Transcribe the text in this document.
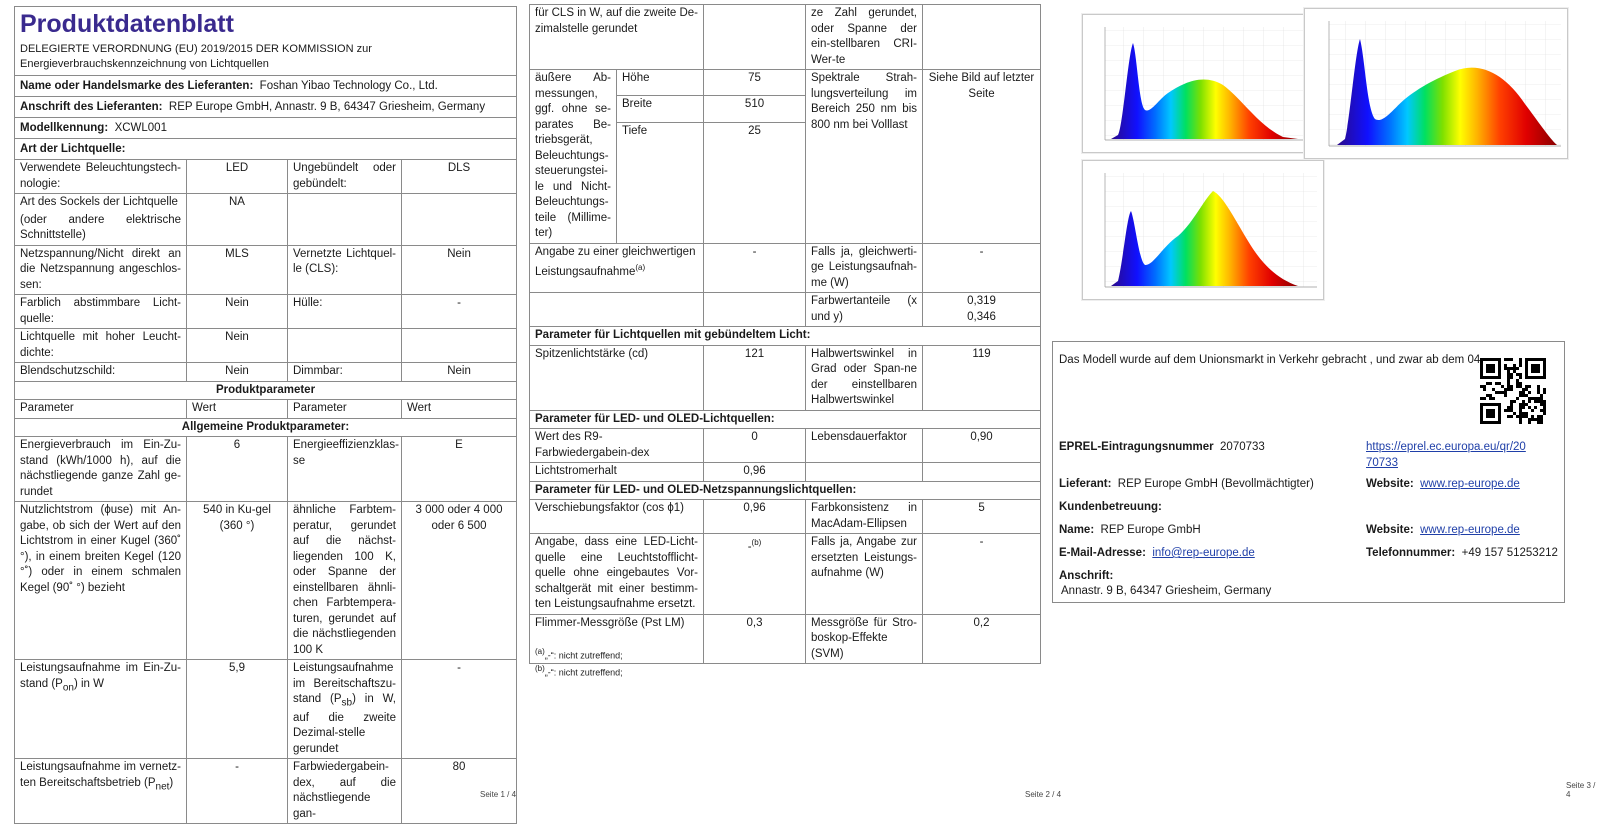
Produktdatenblatt
DELEGIERTE VERORDNUNG (EU) 2019/2015 DER KOMMISSION zur Energieverbrauchskennzeichnung von Lichtquellen			

Name oder Handelsmarke des Lieferanten: Foshan Yibao Technology Co., Ltd.			
Anschrift des Lieferanten: REP Europe GmbH, Annastr. 9 B, 64347 Griesheim, Germany			
Modellkennung: XCWL001			
Art der Lichtquelle:			
Verwendete Beleuchtungstech-nologie:	LED	Ungebündelt oder gebündelt:	DLS

Art des Sockels der Lichtquelle
(oder andere elektrische Schnittstelle)	NA		
Netzspannung/Nicht direkt an die Netzspannung angeschlos-sen:	MLS	Vernetzte Lichtquel-le (CLS):	Nein
Farblich abstimmbare Licht-quelle:	Nein	Hülle:	-
Lichtquelle mit hoher Leucht-dichte:	Nein		
Blendschutzschild:	Nein	Dimmbar:	Nein
Produktparameter			
Parameter	Wert	Parameter	Wert
Allgemeine Produktparameter:			
Energieverbrauch im Ein-Zu-stand (kWh/1000 h), auf die nächstliegende ganze Zahl ge-rundet	6	Energieeffizienzklas-se	E
Nutzlichtstrom (ϕuse) mit An-gabe, ob sich der Wert auf den Lichtstrom in einer Kugel (360˚ °), in einem breiten Kegel (120 °˚) oder in einem schmalen Kegel (90˚ °) bezieht	540 in Ku-gel (360 °)	ähnliche Farbtem-peratur, gerundet auf die nächst-liegenden 100 K, oder Spanne der einstellbaren ähnli-chen Farbtempera-turen, gerundet auf die nächstliegenden 100 K	3 000 oder 4 000 oder 6 500
Leistungsaufnahme im Ein-Zu-stand (Pon) in W	5,9	Leistungsaufnahme im Bereitschaftszu-stand (Psb) in W, auf die zweite Dezimal-stelle gerundet	-
Leistungsaufnahme im vernetz-ten Bereitschaftsbetrieb (Pnet)	-	Farbwiedergabein-dex, auf die nächstliegende gan-	80
Seite 1 / 4
für CLS in W, auf die zweite De-zimalstelle gerundet			ze Zahl gerundet, oder Spanne der ein-stellbaren CRI-Wer-te	
äußere Ab-messungen, ggf. ohne se-parates Be-triebsgerät, Beleuchtungs-steuerungstei-le und Nicht-Beleuchtungs-teile (Millime-ter)	Höhe	75	Spektrale Strah-lungsverteilung im Bereich 250 nm bis 800 nm bei Volllast	Siehe Bild auf letzter Seite
	Breite	510		
	Tiefe	25		
Angabe zu einer gleichwertigen Leistungsaufnahme$^{(a)}$		-	Falls ja, gleichwerti-ge Leistungsaufnah-me (W)	-
			Farbwertanteile (x und y)	0,319
0,346

Parameter für Lichtquellen mit gebündeltem Licht:				
Spitzenlichtstärke (cd)		121	Halbwertswinkel in Grad oder Span-ne der einstellbaren Halbwertswinkel	119
Parameter für LED- und OLED-Lichtquellen:				
Wert des R9-Farbwiedergabein-dex		0	Lebensdauerfaktor	0,90
Lichtstromerhalt		0,96		
Parameter für LED- und OLED-Netzspannungslichtquellen:				
Verschiebungsfaktor (cos ϕ1)		0,96	Farbkonsistenz in MacAdam-Ellipsen	5
Angabe, dass eine LED-Licht-quelle eine Leuchtstofflicht-quelle ohne eingebautes Vor-schaltgerät mit einer bestimm-ten Leistungsaufnahme ersetzt.		-$^{(b)}$	Falls ja, Angabe zur ersetzten Leistungs-aufnahme (W)	-
Flimmer-Messgröße (Pst LM)		0,3	Messgröße für Stro-boskop-Effekte (SVM)	0,2
$^{(a)}$„-“: nicht zutreffend;
$^{(b)}$„-“: nicht zutreffend;
Seite 2 / 4
Das Modell wurde auf dem Unionsmarkt in Verkehr gebracht , und zwar ab dem 04
EPREL-Eintragungsnummer 2070733	https://eprel.ec.europa.eu/qr/20
70733
Lieferant: REP Europe GmbH (Bevollmächtigter)	Website: www.rep-europe.de
Kundenbetreuung:
Name: REP Europe GmbH	Website: www.rep-europe.de
E-Mail-Adresse: info@rep-europe.de	Telefonnummer: +49 157 51253212
Anschrift:
Annastr. 9 B, 64347 Griesheim, Germany
Seite 3 / 4
